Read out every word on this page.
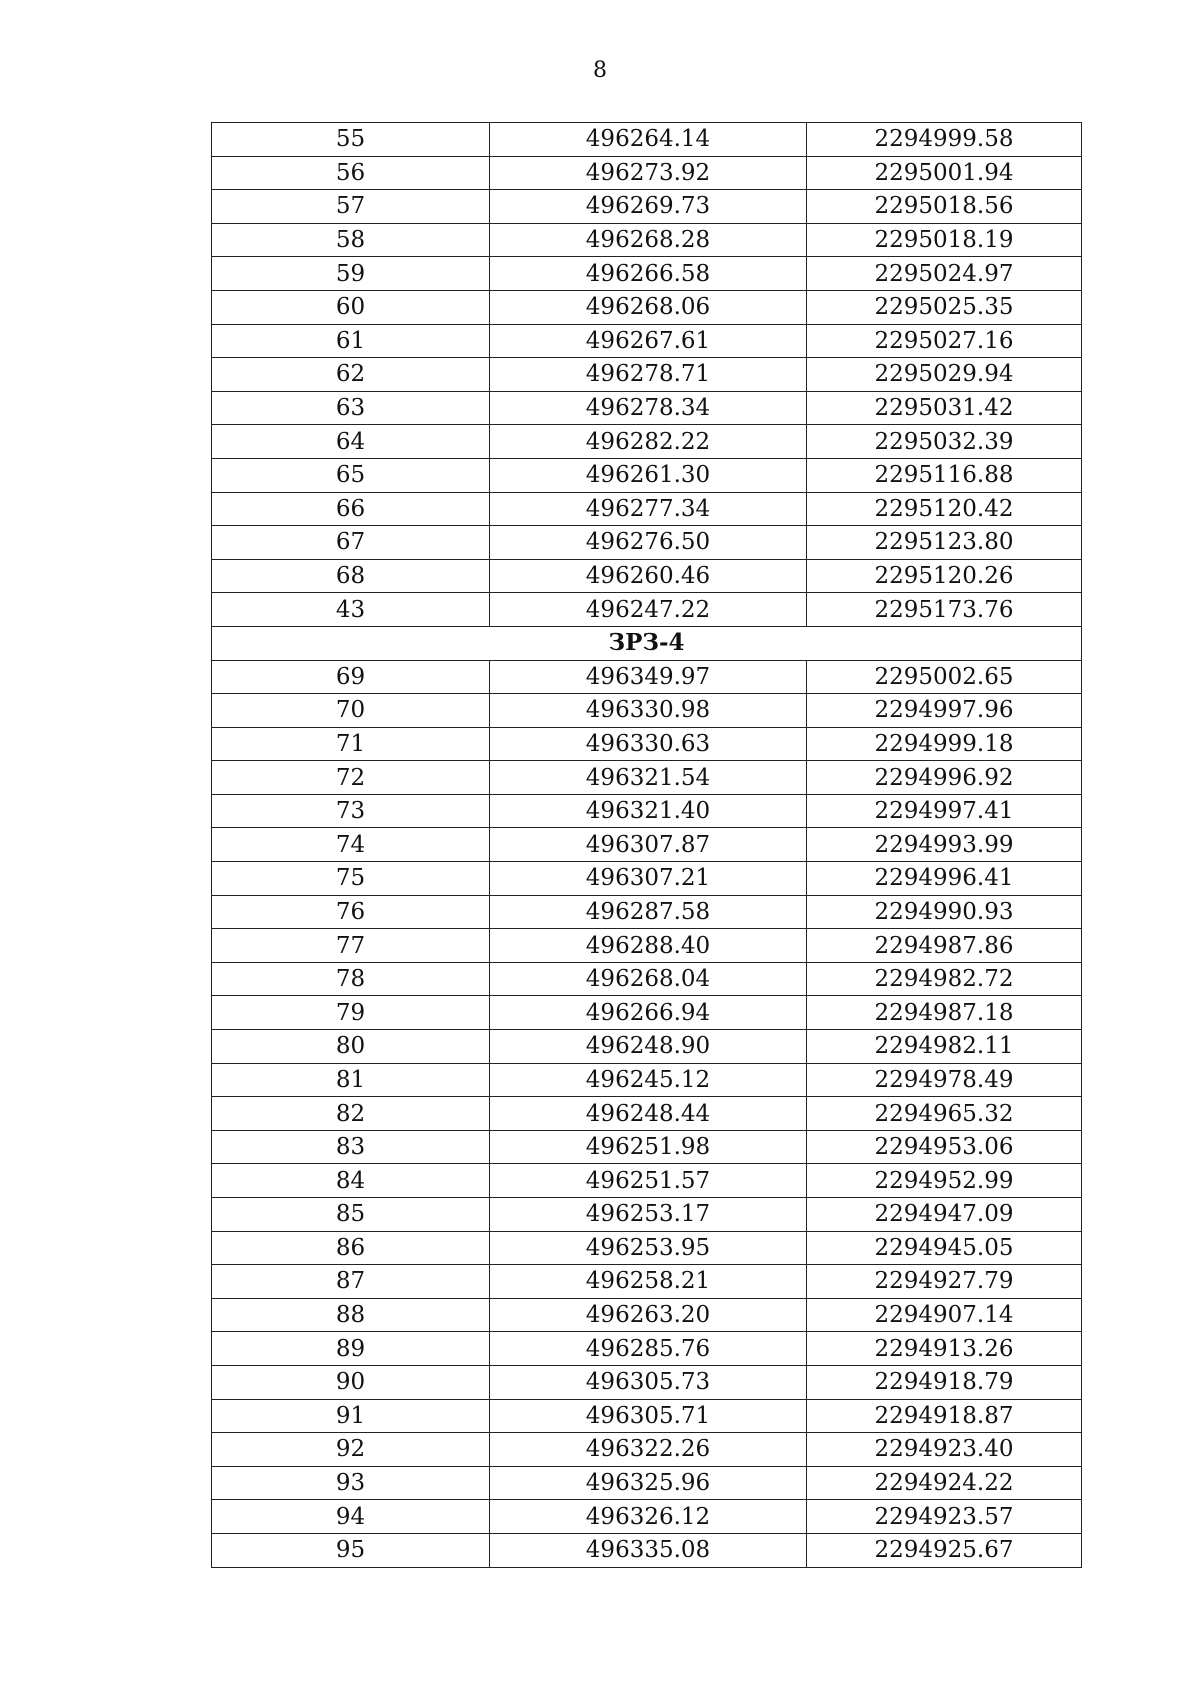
8
55	496264.14	2294999.58
56	496273.92	2295001.94
57	496269.73	2295018.56
58	496268.28	2295018.19
59	496266.58	2295024.97
60	496268.06	2295025.35
61	496267.61	2295027.16
62	496278.71	2295029.94
63	496278.34	2295031.42
64	496282.22	2295032.39
65	496261.30	2295116.88
66	496277.34	2295120.42
67	496276.50	2295123.80
68	496260.46	2295120.26
43	496247.22	2295173.76
ЗРЗ-4		
69	496349.97	2295002.65
70	496330.98	2294997.96
71	496330.63	2294999.18
72	496321.54	2294996.92
73	496321.40	2294997.41
74	496307.87	2294993.99
75	496307.21	2294996.41
76	496287.58	2294990.93
77	496288.40	2294987.86
78	496268.04	2294982.72
79	496266.94	2294987.18
80	496248.90	2294982.11
81	496245.12	2294978.49
82	496248.44	2294965.32
83	496251.98	2294953.06
84	496251.57	2294952.99
85	496253.17	2294947.09
86	496253.95	2294945.05
87	496258.21	2294927.79
88	496263.20	2294907.14
89	496285.76	2294913.26
90	496305.73	2294918.79
91	496305.71	2294918.87
92	496322.26	2294923.40
93	496325.96	2294924.22
94	496326.12	2294923.57
95	496335.08	2294925.67
